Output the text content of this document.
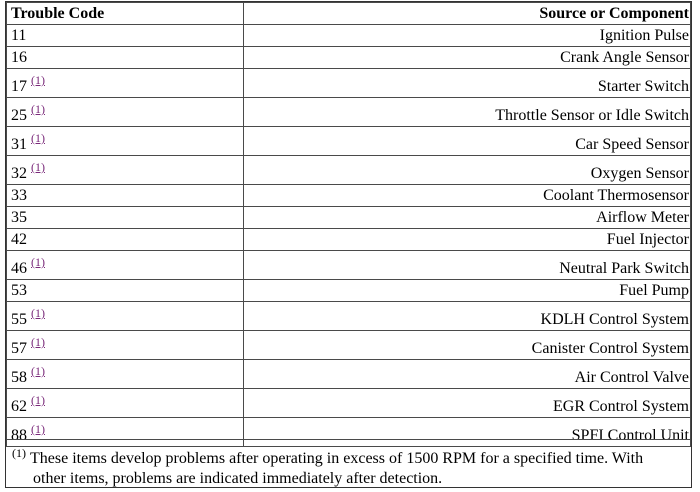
Trouble Code	Source or Component
11	Ignition Pulse
16	Crank Angle Sensor
17 $^{(1)}$	Starter Switch
25 $^{(1)}$	Throttle Sensor or Idle Switch
31 $^{(1)}$	Car Speed Sensor
32 $^{(1)}$	Oxygen Sensor
33	Coolant Thermosensor
35	Airflow Meter
42	Fuel Injector
46 $^{(1)}$	Neutral Park Switch
53	Fuel Pump
55 $^{(1)}$	KDLH Control System
57 $^{(1)}$	Canister Control System
58 $^{(1)}$	Air Control Valve
62 $^{(1)}$	EGR Control System
88 $^{(1)}$	SPFI Control Unit
$^{(1)}$ These items develop problems after operating in excess of 1500 RPM for a specified time. With
other items, problems are indicated immediately after detection.
